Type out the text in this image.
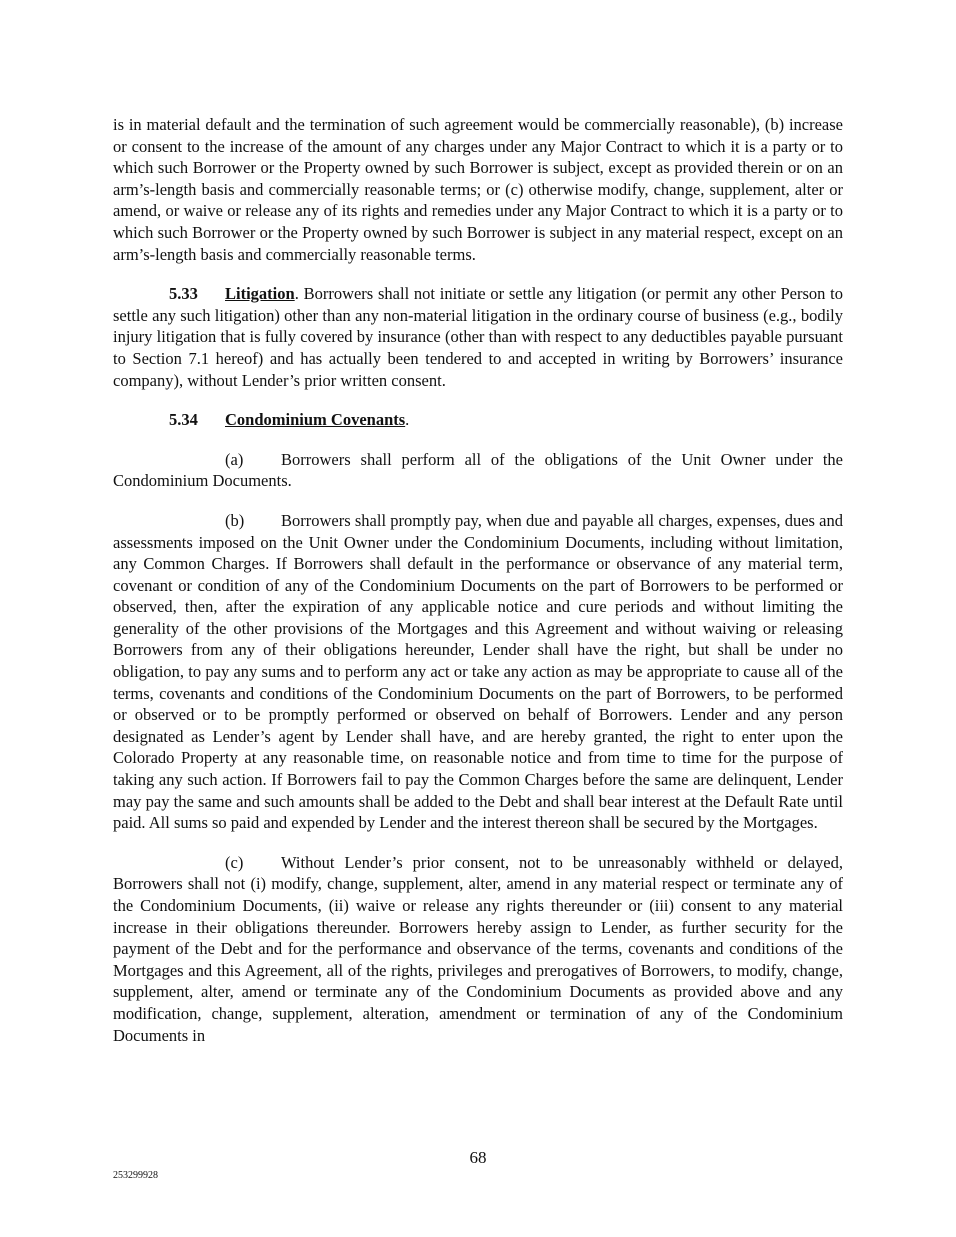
is in material default and the termination of such agreement would be commercially reasonable), (b) increase or consent to the increase of the amount of any charges under any Major Contract to which it is a party or to which such Borrower or the Property owned by such Borrower is subject, except as provided therein or on an arm’s-length basis and commercially reasonable terms; or (c) otherwise modify, change, supplement, alter or amend, or waive or release any of its rights and remedies under any Major Contract to which it is a party or to which such Borrower or the Property owned by such Borrower is subject in any material respect, except on an arm’s-length basis and commercially reasonable terms.

5.33 Litigation. Borrowers shall not initiate or settle any litigation (or permit any other Person to settle any such litigation) other than any non-material litigation in the ordinary course of business (e.g., bodily injury litigation that is fully covered by insurance (other than with respect to any deductibles payable pursuant to Section 7.1 hereof) and has actually been tendered to and accepted in writing by Borrowers’ insurance company), without Lender’s prior written consent.

5.34 Condominium Covenants.

(a) Borrowers shall perform all of the obligations of the Unit Owner under the Condominium Documents.

(b) Borrowers shall promptly pay, when due and payable all charges, expenses, dues and assessments imposed on the Unit Owner under the Condominium Documents, including without limitation, any Common Charges. If Borrowers shall default in the performance or observance of any material term, covenant or condition of any of the Condominium Documents on the part of Borrowers to be performed or observed, then, after the expiration of any applicable notice and cure periods and without limiting the generality of the other provisions of the Mortgages and this Agreement and without waiving or releasing Borrowers from any of their obligations hereunder, Lender shall have the right, but shall be under no obligation, to pay any sums and to perform any act or take any action as may be appropriate to cause all of the terms, covenants and conditions of the Condominium Documents on the part of Borrowers, to be performed or observed or to be promptly performed or observed on behalf of Borrowers. Lender and any person designated as Lender’s agent by Lender shall have, and are hereby granted, the right to enter upon the Colorado Property at any reasonable time, on reasonable notice and from time to time for the purpose of taking any such action. If Borrowers fail to pay the Common Charges before the same are delinquent, Lender may pay the same and such amounts shall be added to the Debt and shall bear interest at the Default Rate until paid. All sums so paid and expended by Lender and the interest thereon shall be secured by the Mortgages.

(c) Without Lender’s prior consent, not to be unreasonably withheld or delayed, Borrowers shall not (i) modify, change, supplement, alter, amend in any material respect or terminate any of the Condominium Documents, (ii) waive or release any rights thereunder or (iii) consent to any material increase in their obligations thereunder. Borrowers hereby assign to Lender, as further security for the payment of the Debt and for the performance and observance of the terms, covenants and conditions of the Mortgages and this Agreement, all of the rights, privileges and prerogatives of Borrowers, to modify, change, supplement, alter, amend or terminate any of the Condominium Documents as provided above and any modification, change, supplement, alteration, amendment or termination of any of the Condominium Documents in

68
253299928
